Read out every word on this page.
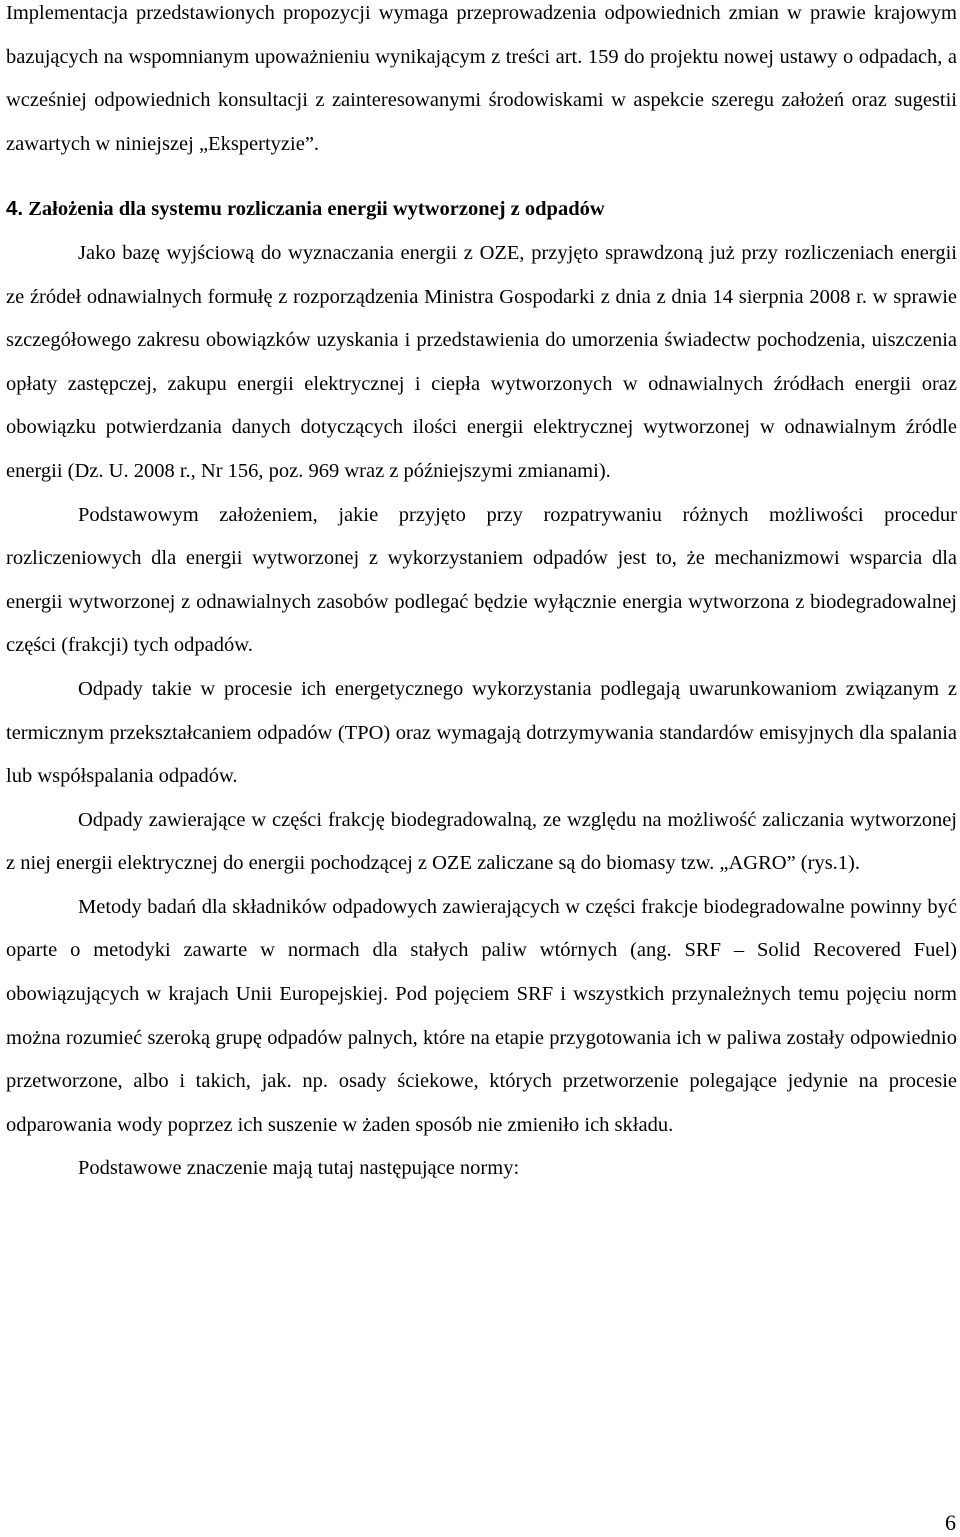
Implementacja przedstawionych propozycji wymaga przeprowadzenia odpowiednich zmian w prawie krajowym bazujących na wspomnianym upoważnieniu wynikającym z treści art. 159 do projektu nowej ustawy o odpadach, a wcześniej odpowiednich konsultacji z zainteresowanymi środowiskami w aspekcie szeregu założeń oraz sugestii zawartych w niniejszej „Ekspertyzie”.

4. Założenia dla systemu rozliczania energii wytworzonej z odpadów

Jako bazę wyjściową do wyznaczania energii z OZE, przyjęto sprawdzoną już przy rozliczeniach energii ze źródeł odnawialnych formułę z rozporządzenia Ministra Gospodarki z dnia z dnia 14 sierpnia 2008 r. w sprawie szczegółowego zakresu obowiązków uzyskania i przedstawienia do umorzenia świadectw pochodzenia, uiszczenia opłaty zastępczej, zakupu energii elektrycznej i ciepła wytworzonych w odnawialnych źródłach energii oraz obowiązku potwierdzania danych dotyczących ilości energii elektrycznej wytworzonej w odnawialnym źródle energii (Dz. U. 2008 r., Nr 156, poz. 969 wraz z późniejszymi zmianami).

Podstawowym założeniem, jakie przyjęto przy rozpatrywaniu różnych możliwości procedur rozliczeniowych dla energii wytworzonej z wykorzystaniem odpadów jest to, że mechanizmowi wsparcia dla energii wytworzonej z odnawialnych zasobów podlegać będzie wyłącznie energia wytworzona z biodegradowalnej części (frakcji) tych odpadów.

Odpady takie w procesie ich energetycznego wykorzystania podlegają uwarunkowaniom związanym z termicznym przekształcaniem odpadów (TPO) oraz wymagają dotrzymywania standardów emisyjnych dla spalania lub współspalania odpadów.

Odpady zawierające w części frakcję biodegradowalną, ze względu na możliwość zaliczania wytworzonej z niej energii elektrycznej do energii pochodzącej z OZE zaliczane są do biomasy tzw. „AGRO” (rys.1).

Metody badań dla składników odpadowych zawierających w części frakcje biodegradowalne powinny być oparte o metodyki zawarte w normach dla stałych paliw wtórnych (ang. SRF – Solid Recovered Fuel) obowiązujących w krajach Unii Europejskiej. Pod pojęciem SRF i wszystkich przynależnych temu pojęciu norm można rozumieć szeroką grupę odpadów palnych, które na etapie przygotowania ich w paliwa zostały odpowiednio przetworzone, albo i takich, jak. np. osady ściekowe, których przetworzenie polegające jedynie na procesie odparowania wody poprzez ich suszenie w żaden sposób nie zmieniło ich składu.

Podstawowe znaczenie mają tutaj następujące normy:

6
